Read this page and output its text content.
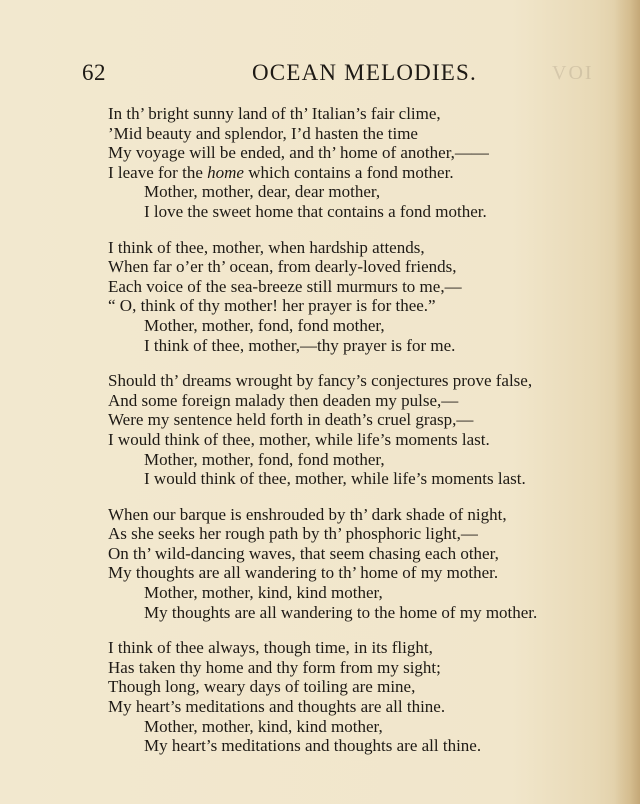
62	OCEAN MELODIES.	VOI
In th’ bright sunny land of th’ Italian’s fair clime,
’Mid beauty and splendor, I’d hasten the time
My voyage will be ended, and th’ home of another,——
I leave for the home which contains a fond mother.
Mother, mother, dear, dear mother,
I love the sweet home that contains a fond mother.
I think of thee, mother, when hardship attends,
When far o’er th’ ocean, from dearly-loved friends,
Each voice of the sea-breeze still murmurs to me,—
“ O, think of thy mother! her prayer is for thee.”
Mother, mother, fond, fond mother,
I think of thee, mother,—thy prayer is for me.
Should th’ dreams wrought by fancy’s conjectures prove false,
And some foreign malady then deaden my pulse,—
Were my sentence held forth in death’s cruel grasp,—
I would think of thee, mother, while life’s moments last.
Mother, mother, fond, fond mother,
I would think of thee, mother, while life’s moments last.
When our barque is enshrouded by th’ dark shade of night,
As she seeks her rough path by th’ phosphoric light,—
On th’ wild-dancing waves, that seem chasing each other,
My thoughts are all wandering to th’ home of my mother.
Mother, mother, kind, kind mother,
My thoughts are all wandering to the home of my mother.
I think of thee always, though time, in its flight,
Has taken thy home and thy form from my sight;
Though long, weary days of toiling are mine,
My heart’s meditations and thoughts are all thine.
Mother, mother, kind, kind mother,
My heart’s meditations and thoughts are all thine.
